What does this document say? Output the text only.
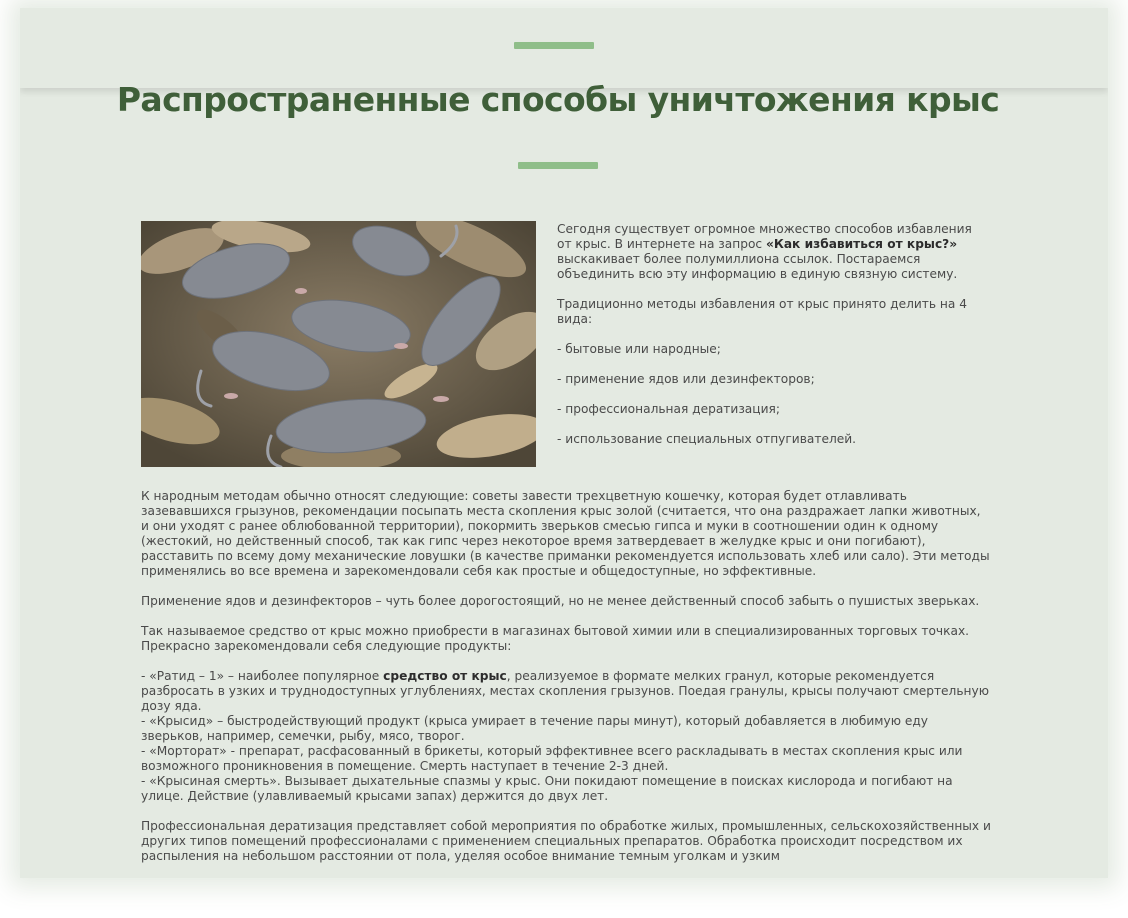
Распространенные способы уничтожения крыс

Сегодня существует огромное множество способов избавления от крыс. В интернете на запрос «Как избавиться от крыс?» выскакивает более полумиллиона ссылок. Постараемся объединить всю эту информацию в единую связную систему.

Традиционно методы избавления от крыс принято делить на 4 вида:

- бытовые или народные;

- применение ядов или дезинфекторов;

- профессиональная дератизация;

- использование специальных отпугивателей.

К народным методам обычно относят следующие: советы завести трехцветную кошечку, которая будет отлавливать зазевавшихся грызунов, рекомендации посыпать места скопления крыс золой (считается, что она раздражает лапки животных, и они уходят с ранее облюбованной территории), покормить зверьков смесью гипса и муки в соотношении один к одному (жестокий, но действенный способ, так как гипс через некоторое время затвердевает в желудке крыс и они погибают), расставить по всему дому механические ловушки (в качестве приманки рекомендуется использовать хлеб или сало). Эти методы применялись во все времена и зарекомендовали себя как простые и общедоступные, но эффективные.

Применение ядов и дезинфекторов – чуть более дорогостоящий, но не менее действенный способ забыть о пушистых зверьках.

Так называемое средство от крыс можно приобрести в магазинах бытовой химии или в специализированных торговых точках. Прекрасно зарекомендовали себя следующие продукты:

- «Ратид – 1» – наиболее популярное средство от крыс, реализуемое в формате мелких гранул, которые рекомендуется разбросать в узких и труднодоступных углублениях, местах скопления грызунов. Поедая гранулы, крысы получают смертельную дозу яда.

- «Крысид» – быстродействующий продукт (крыса умирает в течение пары минут), который добавляется в любимую еду зверьков, например, семечки, рыбу, мясо, творог.

- «Морторат» - препарат, расфасованный в брикеты, который эффективнее всего раскладывать в местах скопления крыс или возможного проникновения в помещение. Смерть наступает в течение 2-3 дней.

- «Крысиная смерть». Вызывает дыхательные спазмы у крыс. Они покидают помещение в поисках кислорода и погибают на улице. Действие (улавливаемый крысами запах) держится до двух лет.

Профессиональная дератизация представляет собой мероприятия по обработке жилых, промышленных, сельскохозяйственных и других типов помещений профессионалами с применением специальных препаратов. Обработка происходит посредством их распыления на небольшом расстоянии от пола, уделяя особое внимание темным уголкам и узким
